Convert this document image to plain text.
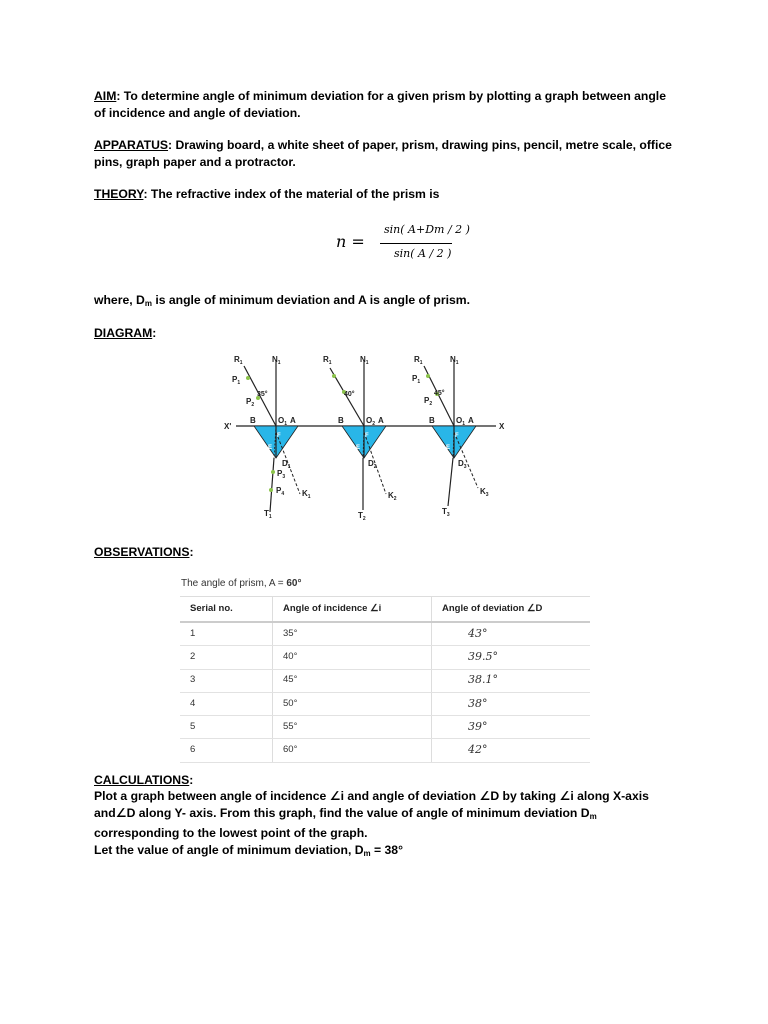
AIM: To determine angle of minimum deviation for a given prism by plotting a graph between angle of incidence and angle of deviation.

APPARATUS: Drawing board, a white sheet of paper, prism, drawing pins, pencil, metre scale, office pins, graph paper and a protractor.

THEORY: The refractive index of the material of the prism is

n =
sin( A+Dm / 2 )
sin( A / 2 )

where, $D_m$ is angle of minimum deviation and A is angle of prism.

DIAGRAM:

X'	X
$R_1$	$N_1$
$P_1$
$P_2$
35°
B	$O_1$ A
F
E
$D_1$
$P_3$
$P_4$ $K_1$
$T_1$
$R_1$	$N_1$
40°
B	$O_2$ A
F
E
$D_2$
$K_2$
$T_2$
$R_1$	$N_1$
$P_1$
$P_2$
45°
B	$O_1$ A
F
E
$D_3$
$K_3$
$T_3$

OBSERVATIONS:

The angle of prism, A = 60°
Serial no.	Angle of incidence ∠i	Angle of deviation ∠D
1	35°	43°
2	40°	39.5°
3	45°	38.1°
4	50°	38°
5	55°	39°
6	60°	42°

CALCULATIONS:

Plot a graph between angle of incidence ∠i and angle of deviation ∠D by taking ∠i along X-axis and∠D along Y- axis. From this graph, find the value of angle of minimum deviation $D_m$ corresponding to the lowest point of the graph.

Let the value of angle of minimum deviation, $D_m = 38^\circ$
